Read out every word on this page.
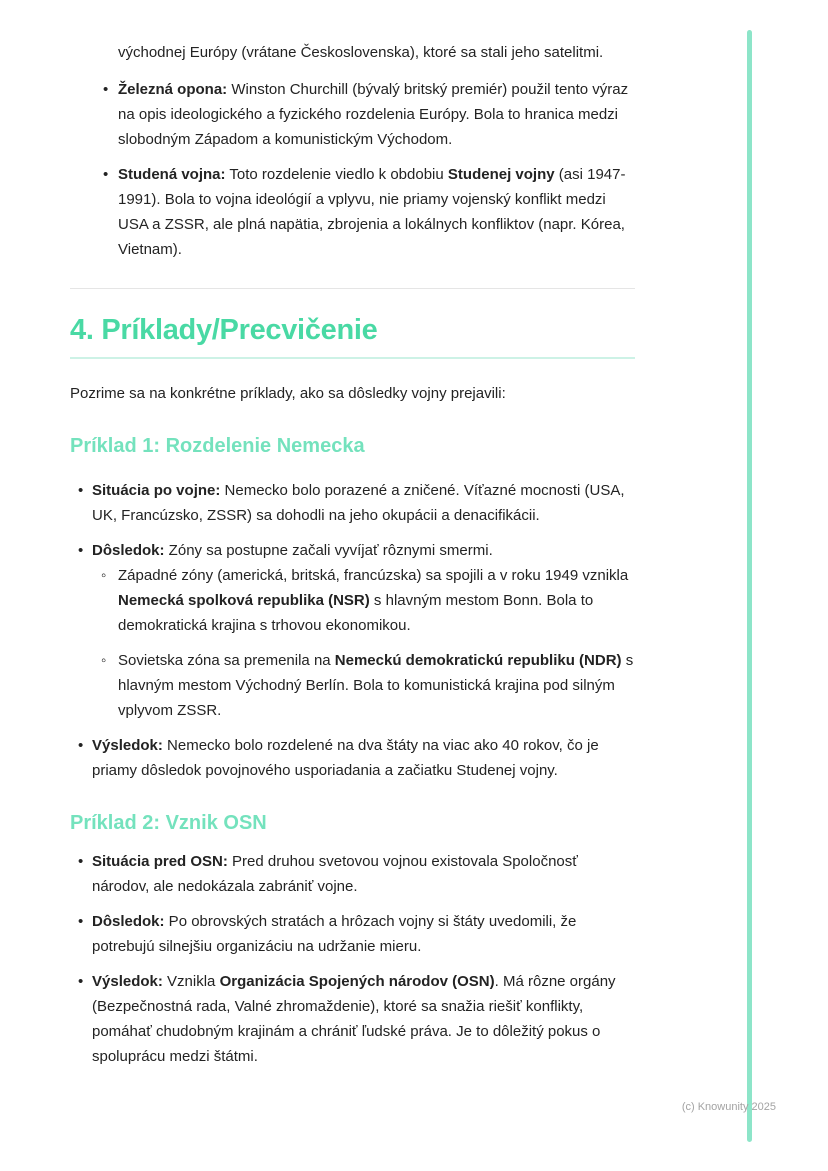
východnej Európy (vrátane Československa), ktoré sa stali jeho satelitmi.
• Železná opona: Winston Churchill (bývalý britský premiér) použil tento výraz na opis ideologického a fyzického rozdelenia Európy. Bola to hranica medzi slobodným Západom a komunistickým Východom.
• Studená vojna: Toto rozdelenie viedlo k obdobiu Studenej vojny (asi 1947-1991). Bola to vojna ideológií a vplyvu, nie priamy vojenský konflikt medzi USA a ZSSR, ale plná napätia, zbrojenia a lokálnych konfliktov (napr. Kórea, Vietnam).
4. Príklady/Precvičenie

Pozrime sa na konkrétne príklady, ako sa dôsledky vojny prejavili:

Príklad 1: Rozdelenie Nemecka
• Situácia po vojne: Nemecko bolo porazené a zničené. Víťazné mocnosti (USA, UK, Francúzsko, ZSSR) sa dohodli na jeho okupácii a denacifikácii.
• Dôsledok: Zóny sa postupne začali vyvíjať rôznymi smermi.
◦ Západné zóny (americká, britská, francúzska) sa spojili a v roku 1949 vznikla Nemecká spolková republika (NSR) s hlavným mestom Bonn. Bola to demokratická krajina s trhovou ekonomikou.
◦ Sovietska zóna sa premenila na Nemeckú demokratickú republiku (NDR) s hlavným mestom Východný Berlín. Bola to komunistická krajina pod silným vplyvom ZSSR.
• Výsledok: Nemecko bolo rozdelené na dva štáty na viac ako 40 rokov, čo je priamy dôsledok povojnového usporiadania a začiatku Studenej vojny.
Príklad 2: Vznik OSN
• Situácia pred OSN: Pred druhou svetovou vojnou existovala Spoločnosť národov, ale nedokázala zabrániť vojne.
• Dôsledok: Po obrovských stratách a hrôzach vojny si štáty uvedomili, že potrebujú silnejšiu organizáciu na udržanie mieru.
• Výsledok: Vznikla Organizácia Spojených národov (OSN). Má rôzne orgány (Bezpečnostná rada, Valné zhromaždenie), ktoré sa snažia riešiť konflikty, pomáhať chudobným krajinám a chrániť ľudské práva. Je to dôležitý pokus o spoluprácu medzi štátmi.
(c) Knowunity 2025
